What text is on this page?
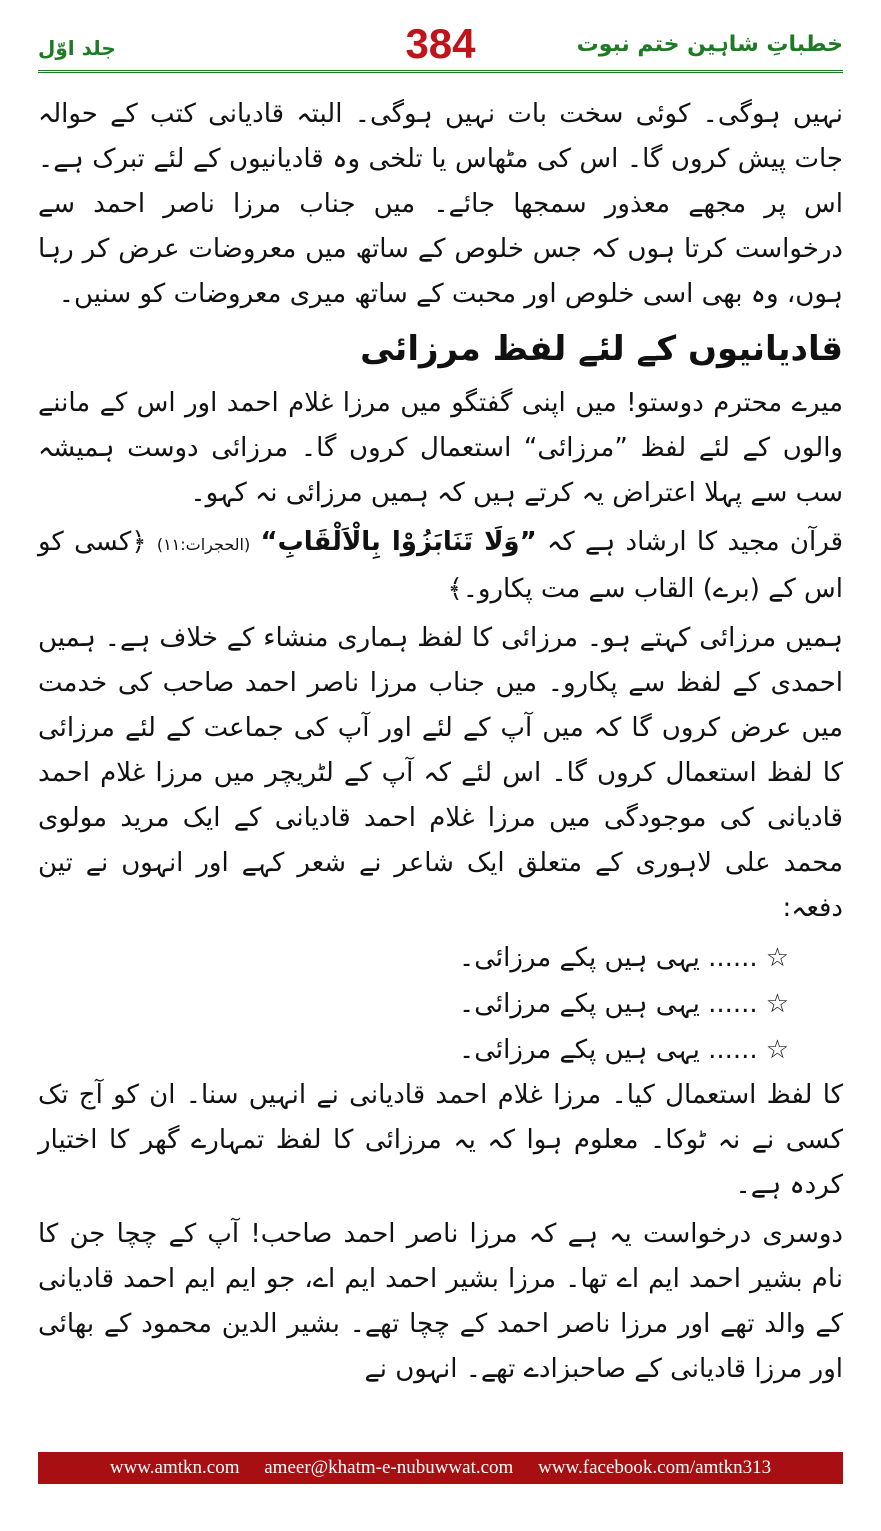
جلد اوّل	384	خطباتِ شاہین ختم نبوت

نہیں ہوگی۔ کوئی سخت بات نہیں ہوگی۔ البتہ قادیانی کتب کے حوالہ جات پیش کروں گا۔ اس کی مٹھاس یا تلخی وہ قادیانیوں کے لئے تبرک ہے۔ اس پر مجھے معذور سمجھا جائے۔ میں جناب مرزا ناصر احمد سے درخواست کرتا ہوں کہ جس خلوص کے ساتھ میں معروضات عرض کر رہا ہوں، وہ بھی اسی خلوص اور محبت کے ساتھ میری معروضات کو سنیں۔

قادیانیوں کے لئے لفظ مرزائی

میرے محترم دوستو! میں اپنی گفتگو میں مرزا غلام احمد اور اس کے ماننے والوں کے لئے لفظ ”مرزائی“ استعمال کروں گا۔ مرزائی دوست ہمیشہ سب سے پہلا اعتراض یہ کرتے ہیں کہ ہمیں مرزائی نہ کہو۔

قرآن مجید کا ارشاد ہے کہ ”وَلَا تَنَابَزُوْا بِالْاَلْقَابِ“ (الحجرات:۱۱) ﴿کسی کو اس کے (برے) القاب سے مت پکارو۔﴾

ہمیں مرزائی کہتے ہو۔ مرزائی کا لفظ ہماری منشاء کے خلاف ہے۔ ہمیں احمدی کے لفظ سے پکارو۔ میں جناب مرزا ناصر احمد صاحب کی خدمت میں عرض کروں گا کہ میں آپ کے لئے اور آپ کی جماعت کے لئے مرزائی کا لفظ استعمال کروں گا۔ اس لئے کہ آپ کے لٹریچر میں مرزا غلام احمد قادیانی کی موجودگی میں مرزا غلام احمد قادیانی کے ایک مرید مولوی محمد علی لاہوری کے متعلق ایک شاعر نے شعر کہے اور انہوں نے تین دفعہ:

☆...... یہی ہیں پکے مرزائی۔

☆...... یہی ہیں پکے مرزائی۔

☆...... یہی ہیں پکے مرزائی۔

کا لفظ استعمال کیا۔ مرزا غلام احمد قادیانی نے انہیں سنا۔ ان کو آج تک کسی نے نہ ٹوکا۔ معلوم ہوا کہ یہ مرزائی کا لفظ تمہارے گھر کا اختیار کردہ ہے۔

دوسری درخواست یہ ہے کہ مرزا ناصر احمد صاحب! آپ کے چچا جن کا نام بشیر احمد ایم اے تھا۔ مرزا بشیر احمد ایم اے، جو ایم ایم احمد قادیانی کے والد تھے اور مرزا ناصر احمد کے چچا تھے۔ بشیر الدین محمود کے بھائی اور مرزا قادیانی کے صاحبزادے تھے۔ انہوں نے

www.amtkn.com ameer@khatm-e-nubuwwat.com www.facebook.com/amtkn313
